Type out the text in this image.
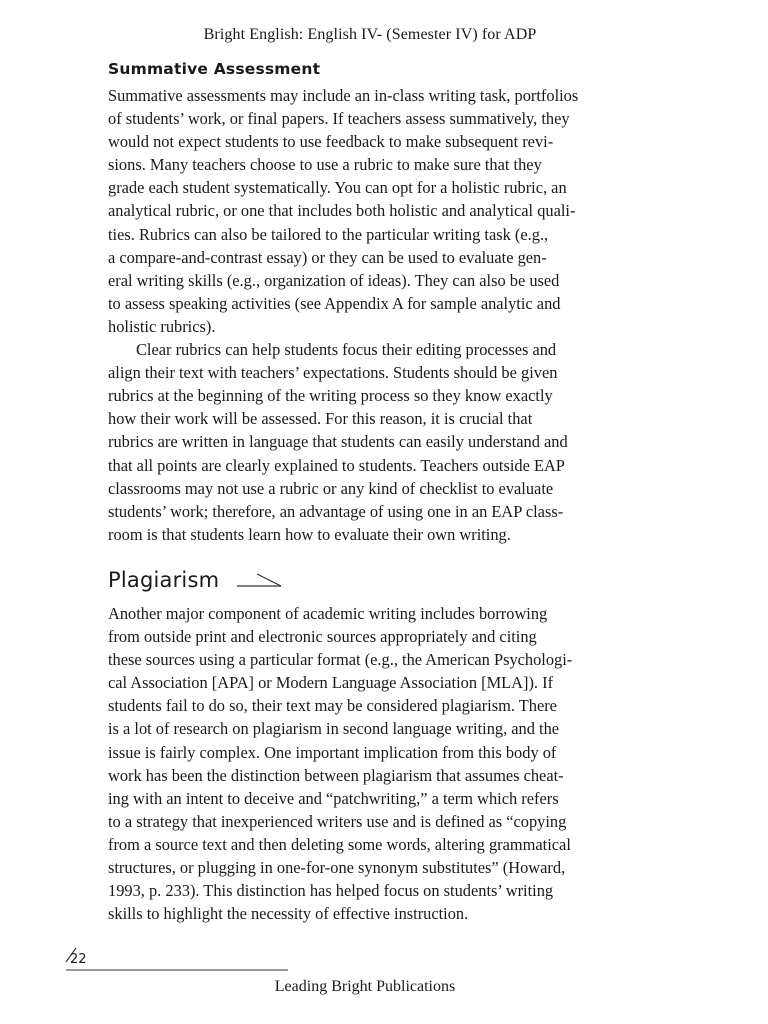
Bright English: English IV- (Semester IV) for ADP
Summative Assessment
Summative assessments may include an in-class writing task, portfolios
of students’ work, or final papers. If teachers assess summatively, they
would not expect students to use feedback to make subsequent revi-
sions. Many teachers choose to use a rubric to make sure that they
grade each student systematically. You can opt for a holistic rubric, an
analytical rubric, or one that includes both holistic and analytical quali-
ties. Rubrics can also be tailored to the particular writing task (e.g.,
a compare-and-contrast essay) or they can be used to evaluate gen-
eral writing skills (e.g., organization of ideas). They can also be used
to assess speaking activities (see Appendix A for sample analytic and
holistic rubrics).
Clear rubrics can help students focus their editing processes and
align their text with teachers’ expectations. Students should be given
rubrics at the beginning of the writing process so they know exactly
how their work will be assessed. For this reason, it is crucial that
rubrics are written in language that students can easily understand and
that all points are clearly explained to students. Teachers outside EAP
classrooms may not use a rubric or any kind of checklist to evaluate
students’ work; therefore, an advantage of using one in an EAP class-
room is that students learn how to evaluate their own writing.
Plagiarism
Another major component of academic writing includes borrowing
from outside print and electronic sources appropriately and citing
these sources using a particular format (e.g., the American Psychologi-
cal Association [APA] or Modern Language Association [MLA]). If
students fail to do so, their text may be considered plagiarism. There
is a lot of research on plagiarism in second language writing, and the
issue is fairly complex. One important implication from this body of
work has been the distinction between plagiarism that assumes cheat-
ing with an intent to deceive and “patchwriting,” a term which refers
to a strategy that inexperienced writers use and is defined as “copying
from a source text and then deleting some words, altering grammatical
structures, or plugging in one-for-one synonym substitutes” (Howard,
1993, p. 233). This distinction has helped focus on students’ writing
skills to highlight the necessity of effective instruction.
22
Leading Bright Publications
